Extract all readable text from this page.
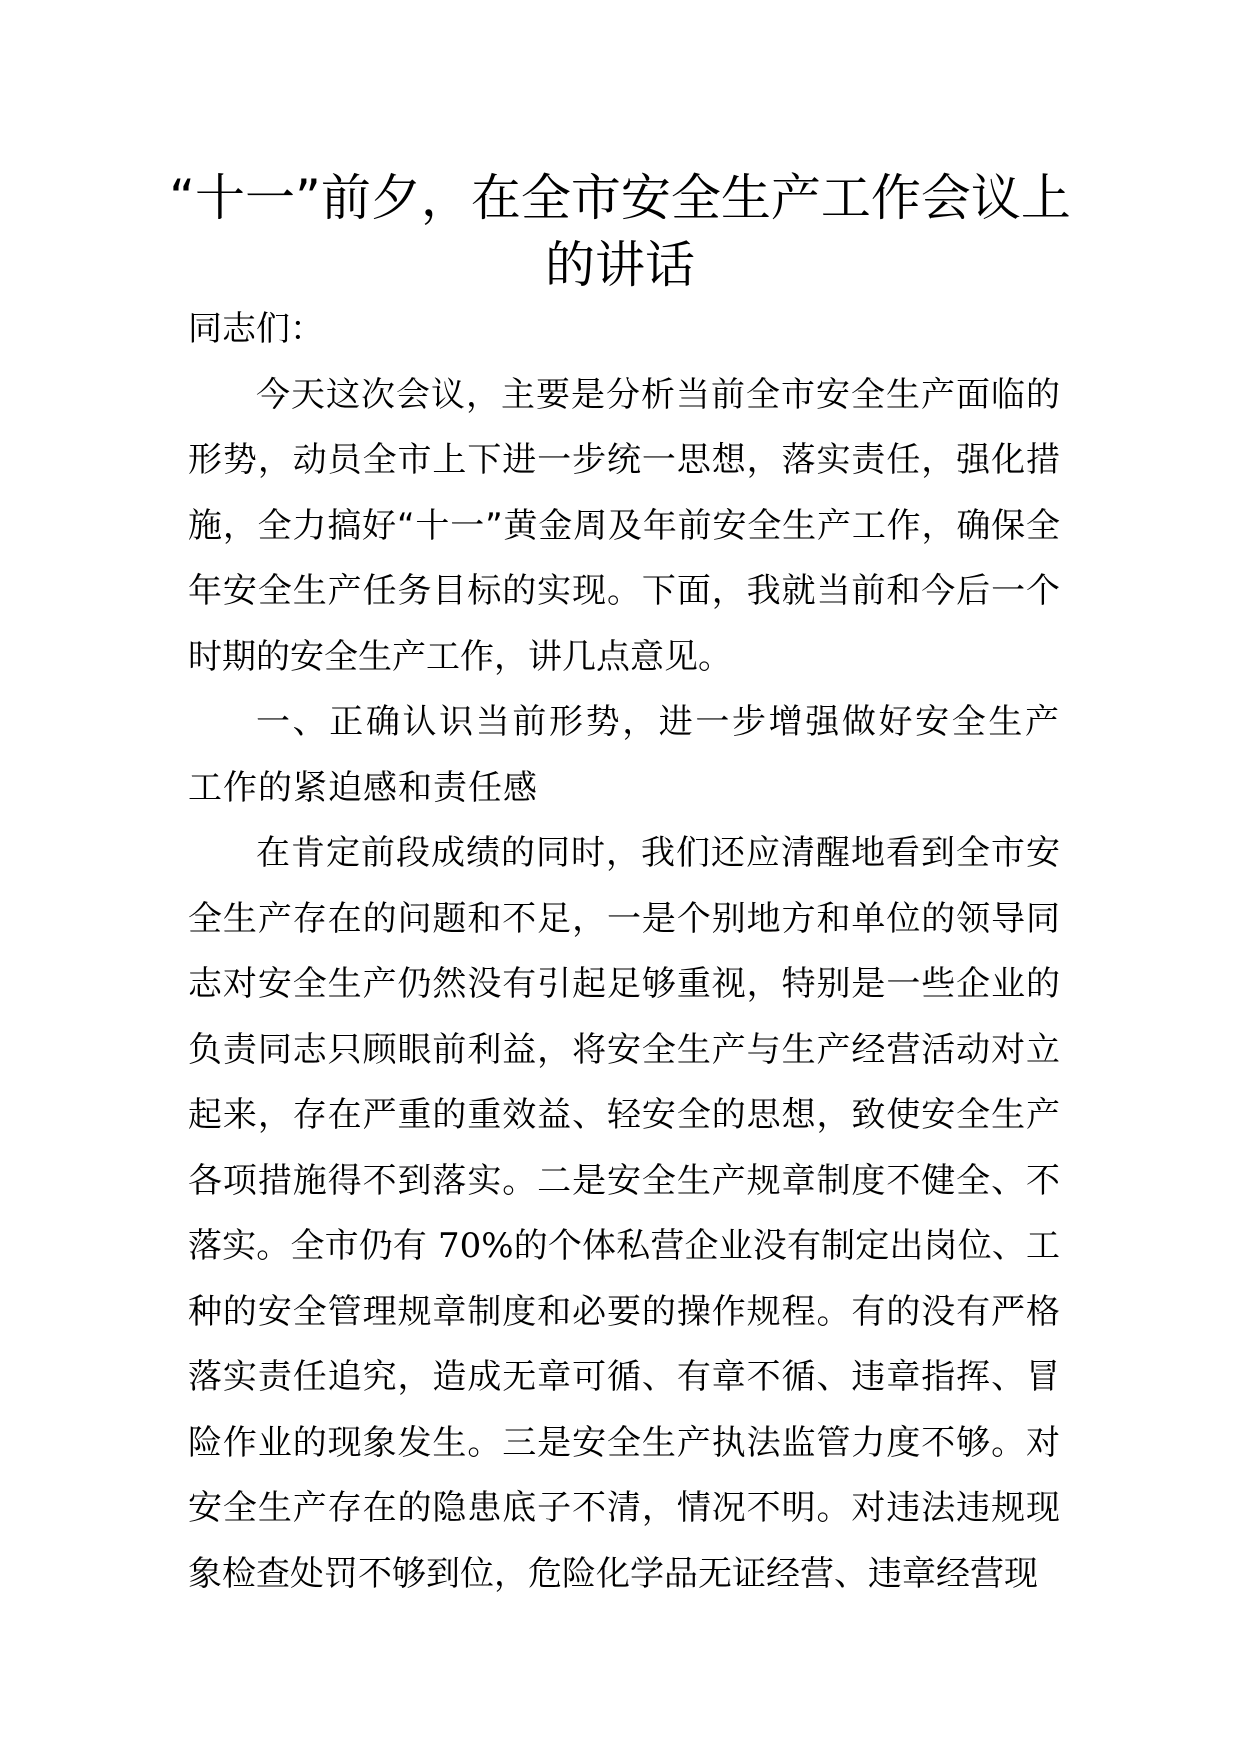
“十一”前夕，在全市安全生产工作会议上的讲话

同志们：

今天这次会议，主要是分析当前全市安全生产面临的形势，动员全市上下进一步统一思想，落实责任，强化措施，全力搞好“十一”黄金周及年前安全生产工作，确保全年安全生产任务目标的实现。下面，我就当前和今后一个时期的安全生产工作，讲几点意见。

一、正确认识当前形势，进一步增强做好安全生产工作的紧迫感和责任感

在肯定前段成绩的同时，我们还应清醒地看到全市安全生产存在的问题和不足，一是个别地方和单位的领导同志对安全生产仍然没有引起足够重视，特别是一些企业的负责同志只顾眼前利益，将安全生产与生产经营活动对立起来，存在严重的重效益、轻安全的思想，致使安全生产各项措施得不到落实。二是安全生产规章制度不健全、不落实。全市仍有 70%的个体私营企业没有制定出岗位、工种的安全管理规章制度和必要的操作规程。有的没有严格落实责任追究，造成无章可循、有章不循、违章指挥、冒险作业的现象发生。三是安全生产执法监管力度不够。对安全生产存在的隐患底子不清，情况不明。对违法违规现象检查处罚不够到位，危险化学品无证经营、违章经营现
